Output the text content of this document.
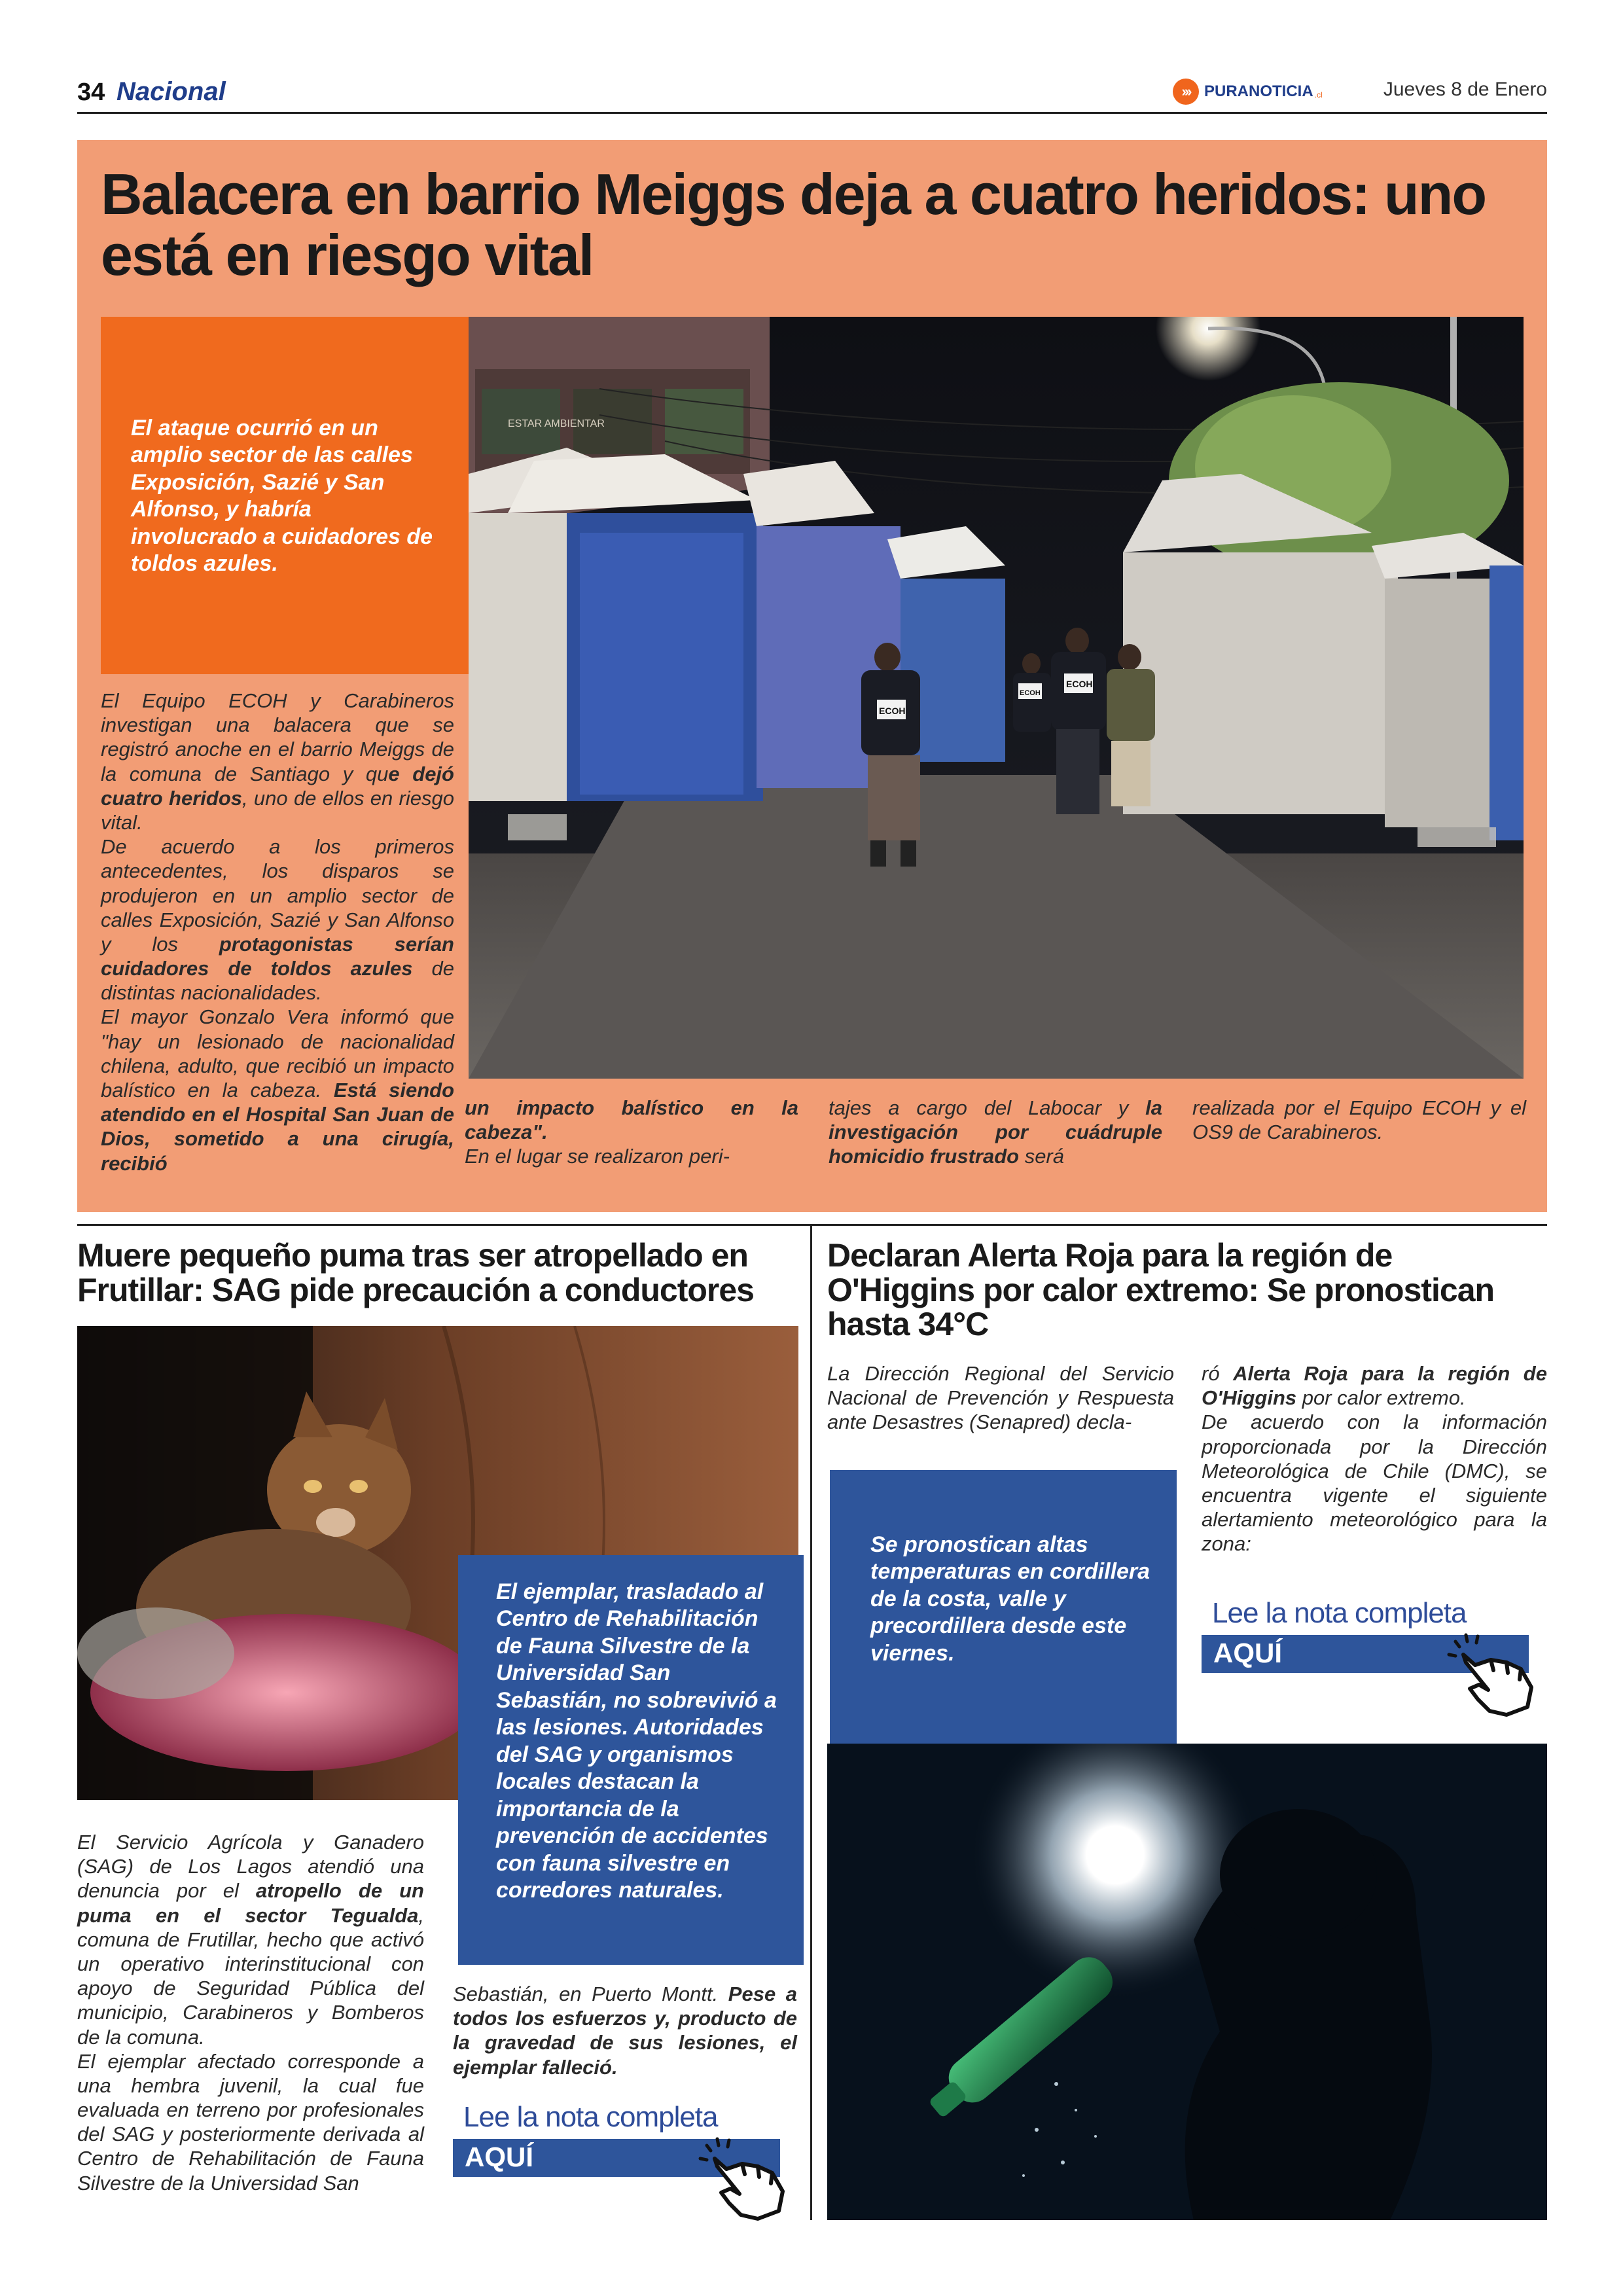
34 Nacional	››› PURANOTICIA .cl	Jueves 8 de Enero
Balacera en barrio Meiggs deja a cuatro heridos: uno está en riesgo vital

El ataque ocurrió en un amplio sector de las calles Exposición, Sazié y San Alfonso, y habría involucrado a cuidadores de toldos azules.

ESTAR AMBIENTAR
ECOH
ECOH
ECOH

El Equipo ECOH y Carabineros investigan una balacera que se registró anoche en el barrio Meiggs de la comuna de Santiago y que dejó cuatro heridos, uno de ellos en riesgo vital.

De acuerdo a los primeros antecedentes, los disparos se produjeron en un amplio sector de calles Exposición, Sazié y San Alfonso y los protagonistas serían cuidadores de toldos azules de distintas nacionalidades.

El mayor Gonzalo Vera informó que "hay un lesionado de nacionalidad chilena, adulto, que recibió un impacto balístico en la cabeza. Está siendo atendido en el Hospital San Juan de Dios, sometido a una cirugía, recibió

un impacto balístico en la cabeza".

En el lugar se realizaron peri-

tajes a cargo del Labocar y la investigación por cuádruple homicidio frustrado será

realizada por el Equipo ECOH y el OS9 de Carabineros.

Muere pequeño puma tras ser atropellado en Frutillar: SAG pide precaución a conductores

El ejemplar, trasladado al Centro de Rehabilitación de Fauna Silvestre de la Universidad San Sebastián, no sobrevivió a las lesiones. Autoridades del SAG y organismos locales destacan la importancia de la prevención de accidentes con fauna silvestre en corredores naturales.

El Servicio Agrícola y Ganadero (SAG) de Los Lagos atendió una denuncia por el atropello de un puma en el sector Tegualda, comuna de Frutillar, hecho que activó un operativo interinstitucional con apoyo de Seguridad Pública del municipio, Carabineros y Bomberos de la comuna.

El ejemplar afectado corresponde a una hembra juvenil, la cual fue evaluada en terreno por profesionales del SAG y posteriormente derivada al Centro de Rehabilitación de Fauna Silvestre de la Universidad San

Sebastián, en Puerto Montt. Pese a todos los esfuerzos y, producto de la gravedad de sus lesiones, el ejemplar falleció.

Lee la nota completa
AQUÍ
Declaran Alerta Roja para la región de O'Higgins por calor extremo: Se pronostican hasta 34°C

La Dirección Regional del Servicio Nacional de Prevención y Respuesta ante Desastres (Senapred) decla-

ró Alerta Roja para la región de O'Higgins por calor extremo.

De acuerdo con la información proporcionada por la Dirección Meteorológica de Chile (DMC), se encuentra vigente el siguiente alertamiento meteorológico para la zona:

Se pronostican altas temperaturas en cordillera de la costa, valle y precordillera desde este viernes.

Lee la nota completa
AQUÍ
